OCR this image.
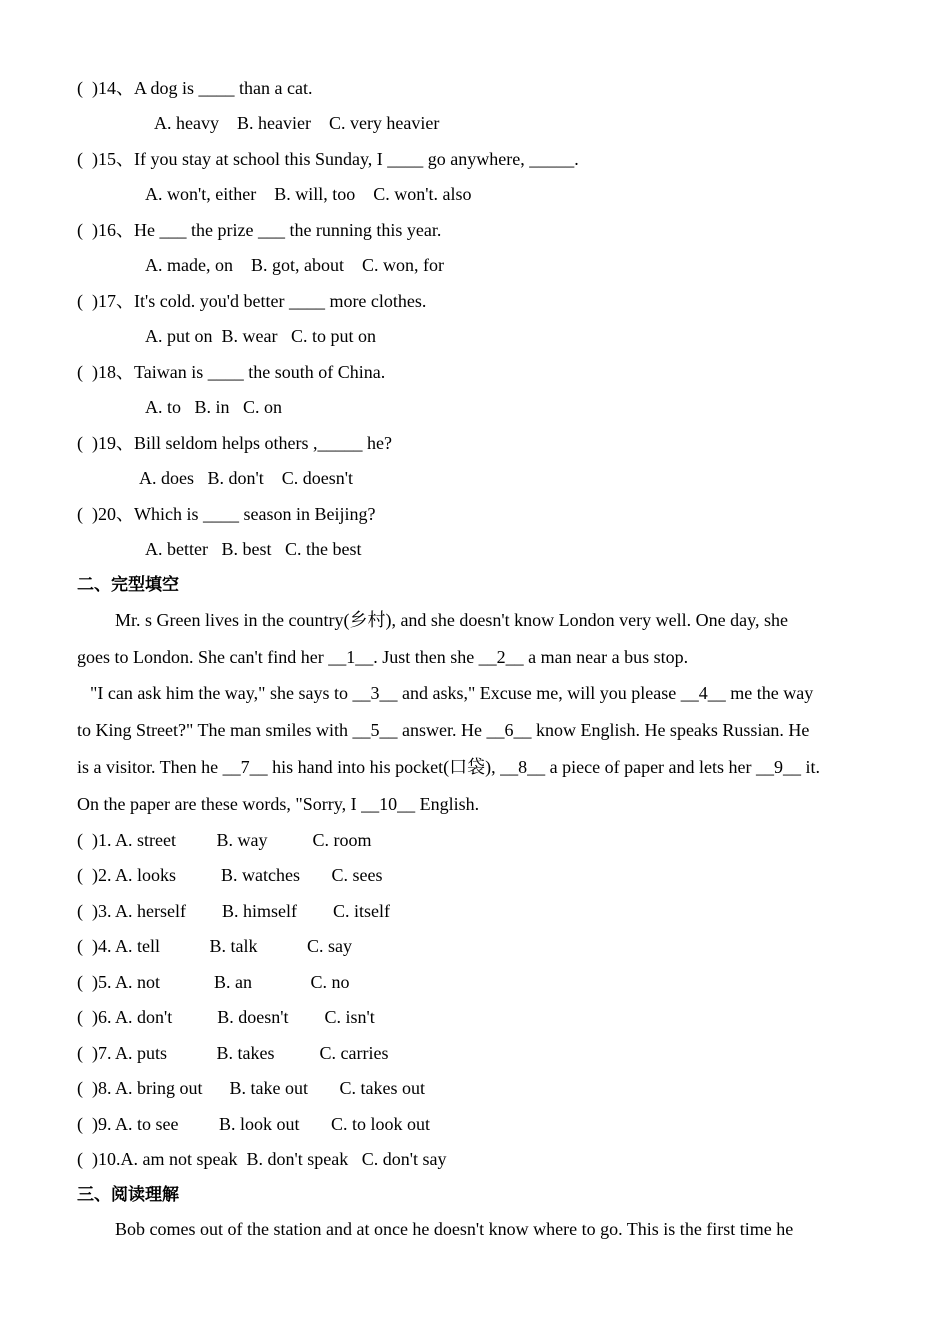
(  )14、A dog is ____ than a cat.
A. heavy    B. heavier    C. very heavier
(  )15、If you stay at school this Sunday, I ____ go anywhere, _____.
A. won't, either    B. will, too    C. won't. also
(  )16、He ___ the prize ___ the running this year.
A. made, on    B. got, about    C. won, for
(  )17、It's cold. you'd better ____ more clothes.
A. put on  B. wear   C. to put on
(  )18、Taiwan is ____ the south of China.
A. to   B. in   C. on
(  )19、Bill seldom helps others ,_____ he?
A. does   B. don't    C. doesn't
(  )20、Which is ____ season in Beijing?
A. better   B. best   C. the best
二、完型填空
Mr. s Green lives in the country(乡村), and she doesn't know London very well. One day, she
goes to London. She can't find her __1__. Just then she __2__ a man near a bus stop.
"I can ask him the way," she says to __3__ and asks," Excuse me, will you please __4__ me the way
to King Street?" The man smiles with __5__ answer. He __6__ know English. He speaks Russian. He
is a visitor. Then he __7__ his hand into his pocket(口袋), __8__ a piece of paper and lets her __9__ it.
On the paper are these words, "Sorry, I __10__ English.
(  )1. A. street         B. way          C. room
(  )2. A. looks          B. watches       C. sees
(  )3. A. herself        B. himself        C. itself
(  )4. A. tell           B. talk           C. say
(  )5. A. not            B. an             C. no
(  )6. A. don't          B. doesn't        C. isn't
(  )7. A. puts           B. takes          C. carries
(  )8. A. bring out      B. take out       C. takes out
(  )9. A. to see         B. look out       C. to look out
(  )10.A. am not speak  B. don't speak   C. don't say
三、阅读理解
Bob comes out of the station and at once he doesn't know where to go. This is the first time he
